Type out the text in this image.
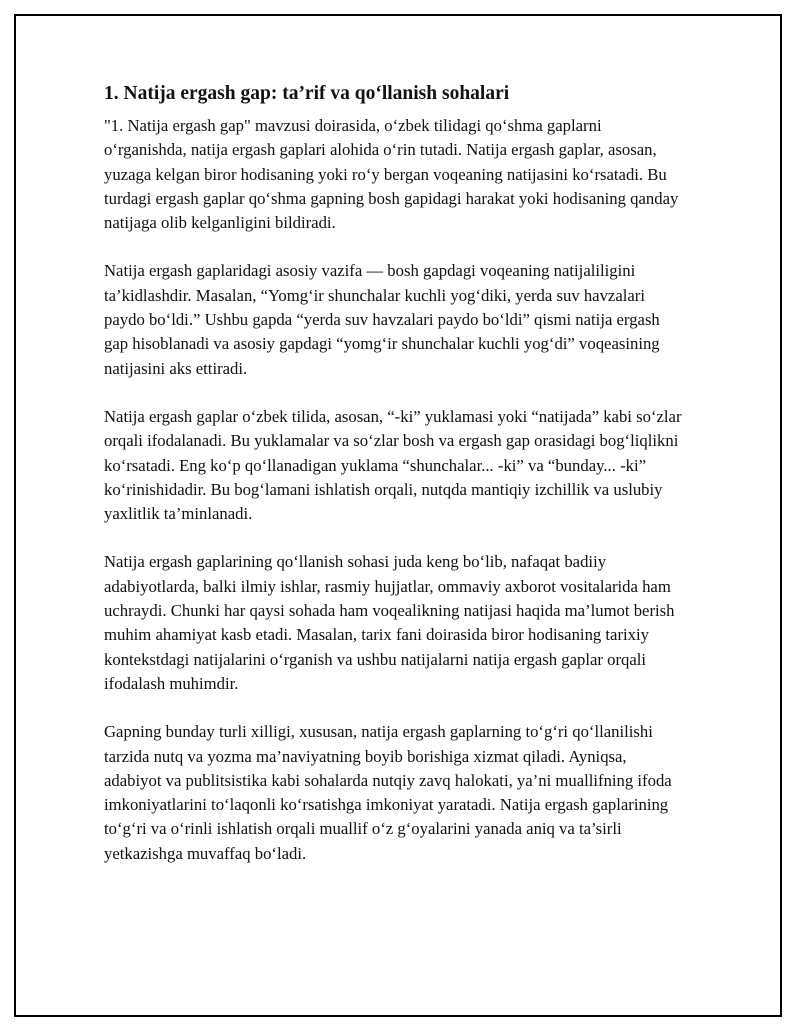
1. Natija ergash gap: ta’rif va qo‘llanish sohalari

"1. Natija ergash gap" mavzusi doirasida, o‘zbek tilidagi qo‘shma gaplarni o‘rganishda, natija ergash gaplari alohida o‘rin tutadi. Natija ergash gaplar, asosan, yuzaga kelgan biror hodisaning yoki ro‘y bergan voqeaning natijasini ko‘rsatadi. Bu turdagi ergash gaplar qo‘shma gapning bosh gapidagi harakat yoki hodisaning qanday natijaga olib kelganligini bildiradi.

Natija ergash gaplaridagi asosiy vazifa — bosh gapdagi voqeaning natijaliligini ta’kidlashdir. Masalan, “Yomg‘ir shunchalar kuchli yog‘diki, yerda suv havzalari paydo bo‘ldi.” Ushbu gapda “yerda suv havzalari paydo bo‘ldi” qismi natija ergash gap hisoblanadi va asosiy gapdagi “yomg‘ir shunchalar kuchli yog‘di” voqeasining natijasini aks ettiradi.

Natija ergash gaplar o‘zbek tilida, asosan, “-ki” yuklamasi yoki “natijada” kabi so‘zlar orqali ifodalanadi. Bu yuklamalar va so‘zlar bosh va ergash gap orasidagi bog‘liqlikni ko‘rsatadi. Eng ko‘p qo‘llanadigan yuklama “shunchalar... -ki” va “bunday... -ki” ko‘rinishidadir. Bu bog‘lamani ishlatish orqali, nutqda mantiqiy izchillik va uslubiy yaxlitlik ta’minlanadi.

Natija ergash gaplarining qo‘llanish sohasi juda keng bo‘lib, nafaqat badiiy adabiyotlarda, balki ilmiy ishlar, rasmiy hujjatlar, ommaviy axborot vositalarida ham uchraydi. Chunki har qaysi sohada ham voqealikning natijasi haqida ma’lumot berish muhim ahamiyat kasb etadi. Masalan, tarix fani doirasida biror hodisaning tarixiy kontekstdagi natijalarini o‘rganish va ushbu natijalarni natija ergash gaplar orqali ifodalash muhimdir.

Gapning bunday turli xilligi, xususan, natija ergash gaplarning to‘g‘ri qo‘llanilishi tarzida nutq va yozma ma’naviyatning boyib borishiga xizmat qiladi. Ayniqsa, adabiyot va publitsistika kabi sohalarda nutqiy zavq halokati, ya’ni muallifning ifoda imkoniyatlarini to‘laqonli ko‘rsatishga imkoniyat yaratadi. Natija ergash gaplarining to‘g‘ri va o‘rinli ishlatish orqali muallif o‘z g‘oyalarini yanada aniq va ta’sirli yetkazishga muvaffaq bo‘ladi.
